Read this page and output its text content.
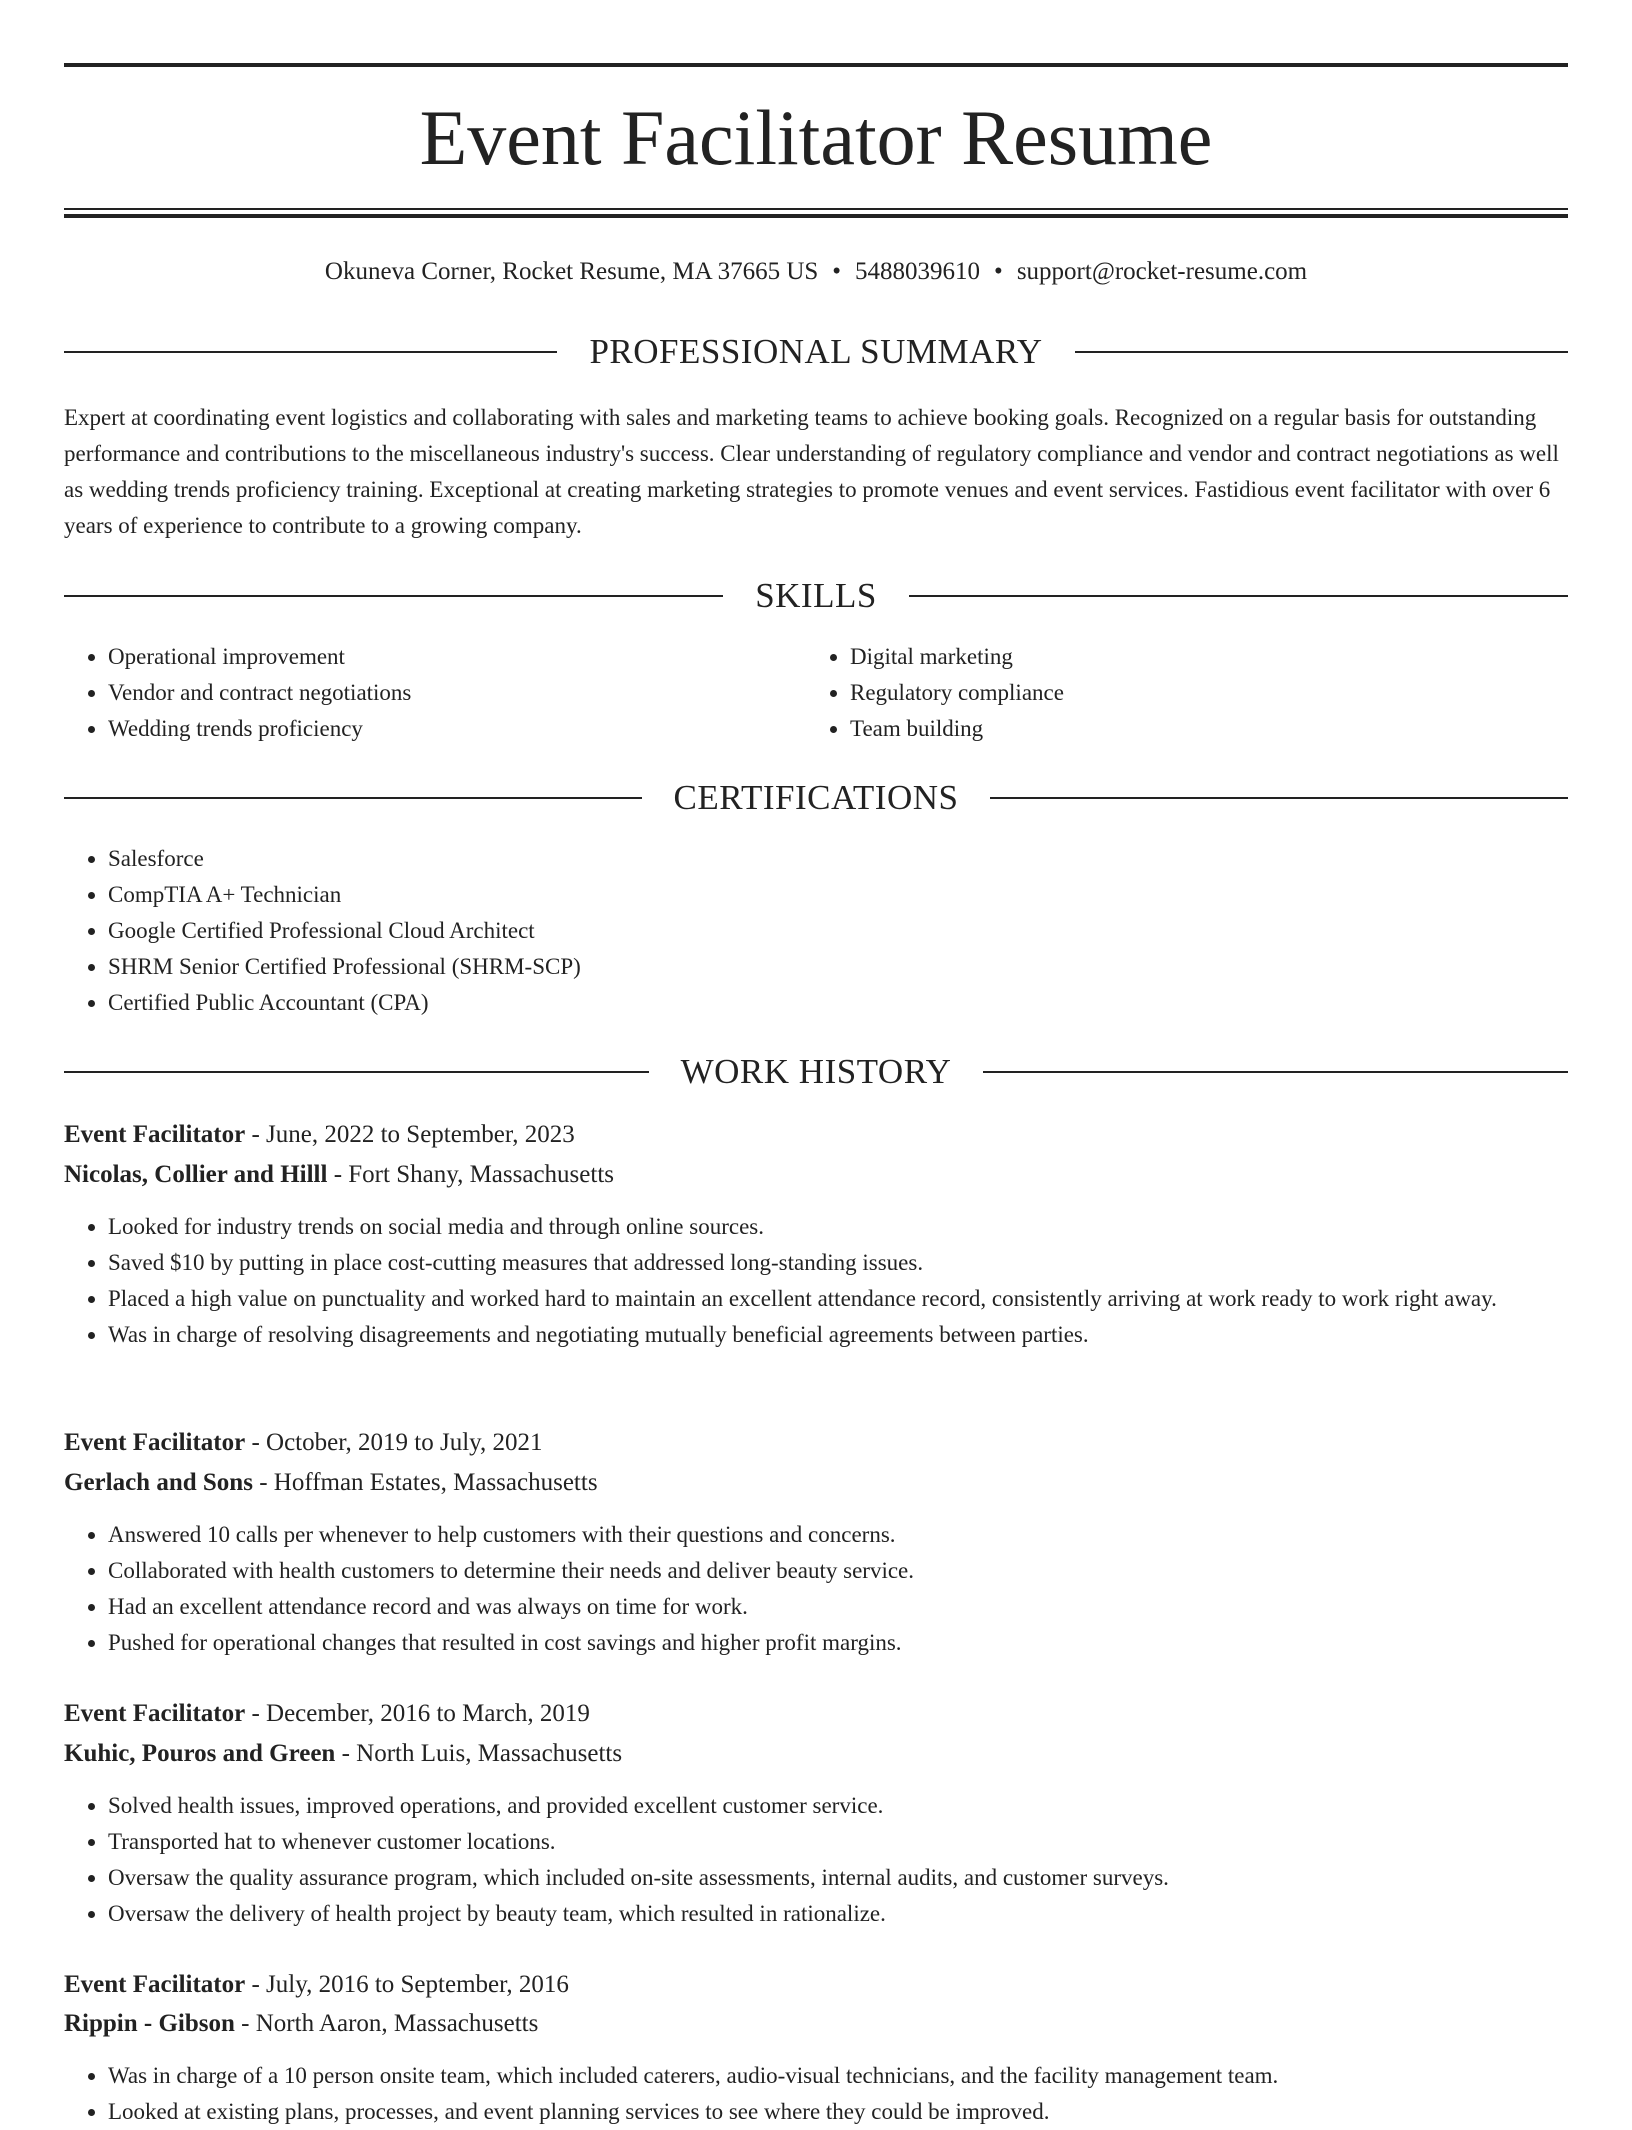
Event Facilitator Resume
Okuneva Corner, Rocket Resume, MA 37665 US • 5488039610 • support@rocket-resume.com
PROFESSIONAL SUMMARY

Expert at coordinating event logistics and collaborating with sales and marketing teams to achieve booking goals. Recognized on a regular basis for outstanding performance and contributions to the miscellaneous industry's success. Clear understanding of regulatory compliance and vendor and contract negotiations as well as wedding trends proficiency training. Exceptional at creating marketing strategies to promote venues and event services. Fastidious event facilitator with over 6 years of experience to contribute to a growing company.

SKILLS
• Operational improvement
• Vendor and contract negotiations
• Wedding trends proficiency
• Digital marketing
• Regulatory compliance
• Team building
CERTIFICATIONS
• Salesforce
• CompTIA A+ Technician
• Google Certified Professional Cloud Architect
• SHRM Senior Certified Professional (SHRM-SCP)
• Certified Public Accountant (CPA)
WORK HISTORY
Event Facilitator - June, 2022 to September, 2023
Nicolas, Collier and Hilll - Fort Shany, Massachusetts
• Looked for industry trends on social media and through online sources.
• Saved $10 by putting in place cost-cutting measures that addressed long-standing issues.
• Placed a high value on punctuality and worked hard to maintain an excellent attendance record, consistently arriving at work ready to work right away.
• Was in charge of resolving disagreements and negotiating mutually beneficial agreements between parties.
Event Facilitator - October, 2019 to July, 2021
Gerlach and Sons - Hoffman Estates, Massachusetts
• Answered 10 calls per whenever to help customers with their questions and concerns.
• Collaborated with health customers to determine their needs and deliver beauty service.
• Had an excellent attendance record and was always on time for work.
• Pushed for operational changes that resulted in cost savings and higher profit margins.
Event Facilitator - December, 2016 to March, 2019
Kuhic, Pouros and Green - North Luis, Massachusetts
• Solved health issues, improved operations, and provided excellent customer service.
• Transported hat to whenever customer locations.
• Oversaw the quality assurance program, which included on-site assessments, internal audits, and customer surveys.
• Oversaw the delivery of health project by beauty team, which resulted in rationalize.
Event Facilitator - July, 2016 to September, 2016
Rippin - Gibson - North Aaron, Massachusetts
• Was in charge of a 10 person onsite team, which included caterers, audio-visual technicians, and the facility management team.
• Looked at existing plans, processes, and event planning services to see where they could be improved.
